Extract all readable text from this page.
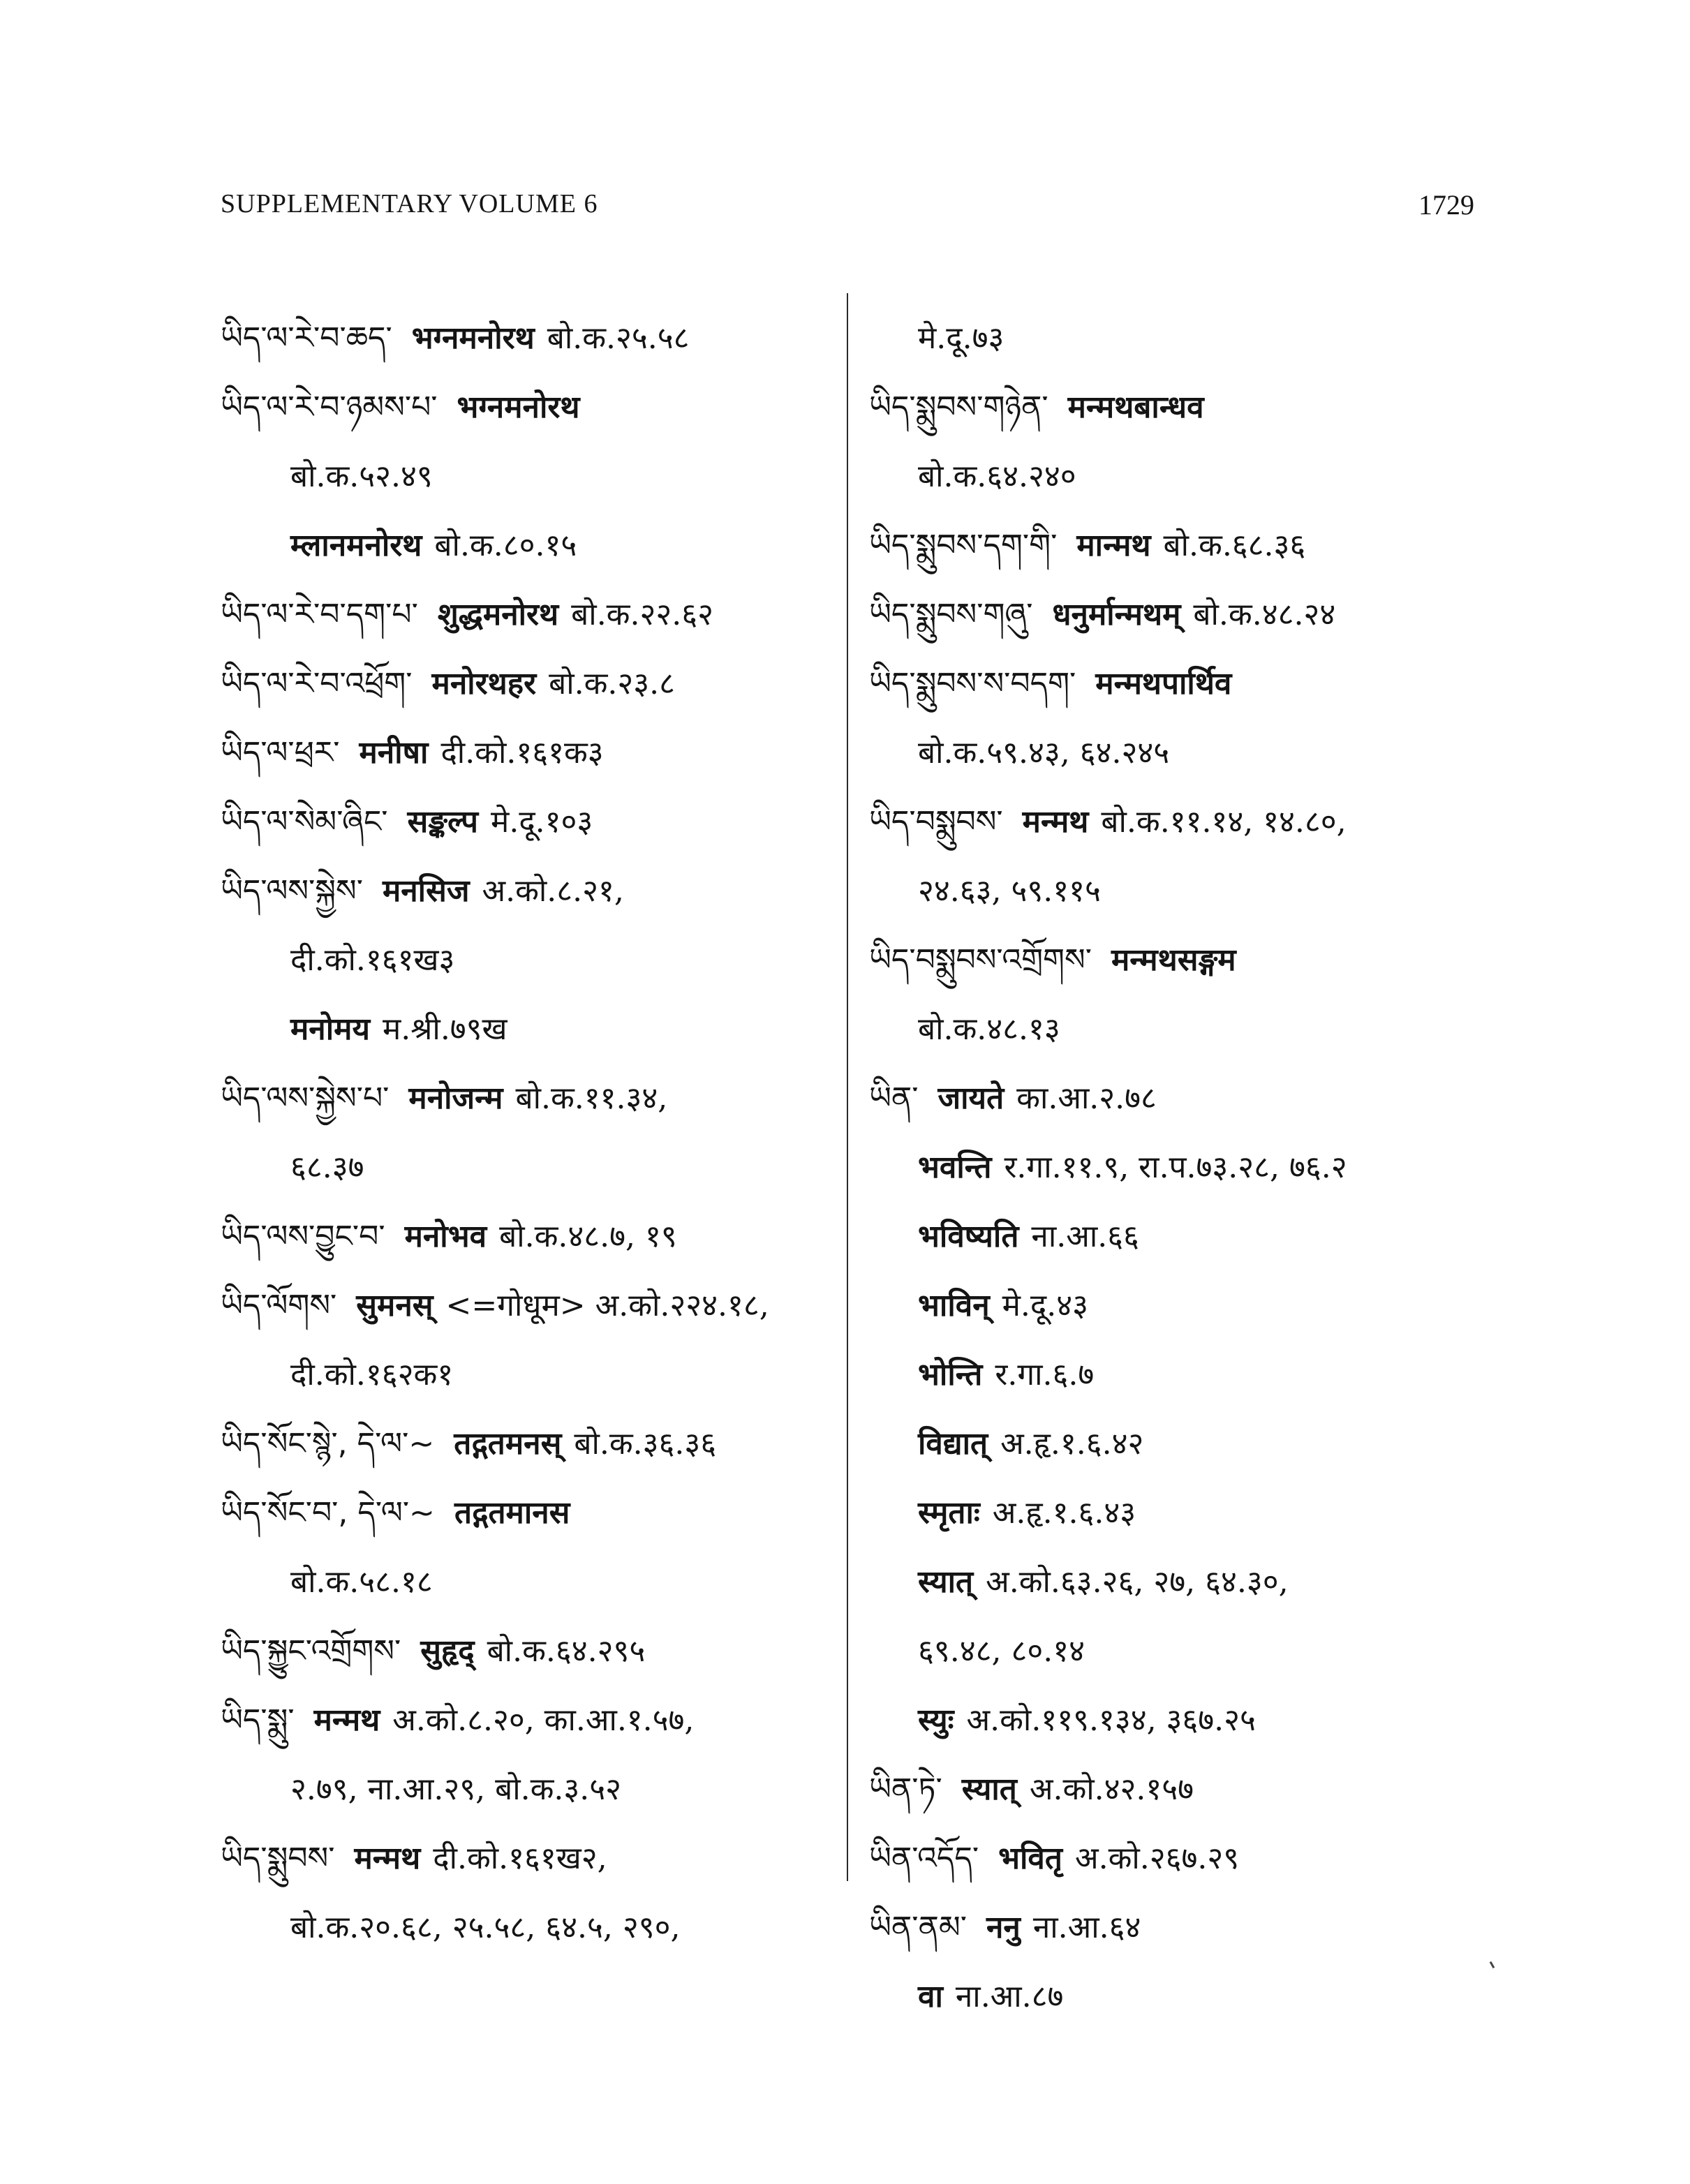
SUPPLEMENTARY VOLUME 6	1729
ཡིད་ལ་རེ་བ་ཆད་ भग्नमनोरथ बो.क.२५.५८
ཡིད་ལ་རེ་བ་ཉམས་པ་ भग्नमनोरथ
बो.क.५२.४९
म्लानमनोरथ बो.क.८०.१५
ཡིད་ལ་རེ་བ་དག་པ་ शुद्धमनोरथ बो.क.२२.६२
ཡིད་ལ་རེ་བ་འཕྲོག་ मनोरथहर बो.क.२३.८
ཡིད་ལ་ཕྲར་ मनीषा दी.को.१६१क३
ཡིད་ལ་སེམ་ཞིང་ सङ्कल्प मे.दू.१०३
ཡིད་ལས་སྐྱེས་ मनसिज अ.को.८.२१,
दी.को.१६१ख३
मनोमय म.श्री.७९ख
ཡིད་ལས་སྐྱེས་པ་ मनोजन्म बो.क.११.३४,
६८.३७
ཡིད་ལས་བྱུང་བ་ मनोभव बो.क.४८.७, १९
ཡིད་ལོགས་ सुमनस् <=गोधूम> अ.को.२२४.१८,
दी.को.१६२क१
ཡིད་སོང་སྙེ་, དེ་ལ་~ तद्गतमनस् बो.क.३६.३६
ཡིད་སོང་བ་, དེ་ལ་~ तद्गतमानस
बो.क.५८.१८
ཡིད་སྐྱུང་འགྲོགས་ सुहृद् बो.क.६४.२९५
ཡིད་སྨུ་ मन्मथ अ.को.८.२०, का.आ.१.५७,
२.७९, ना.आ.२९, बो.क.३.५२
ཡིད་སྨུབས་ मन्मथ दी.को.१६१ख२,
बो.क.२०.६८, २५.५८, ६४.५, २९०,
मे.दू.७३
ཡིད་སྨུབས་གཉེན་ मन्मथबान्धव
बो.क.६४.२४०
ཡིད་སྨུབས་དག་གི་ मान्मथ बो.क.६८.३६
ཡིད་སྨུབས་གཞུ་ धनुर्मान्मथम् बो.क.४८.२४
ཡིད་སྨུབས་ས་བདག་ मन्मथपार्थिव
बो.क.५९.४३, ६४.२४५
ཡིད་བསྨུབས་ मन्मथ बो.क.११.१४, १४.८०,
२४.६३, ५९.११५
ཡིད་བསྨུབས་འགྲོགས་ मन्मथसङ्गम
बो.क.४८.१३
ཡིན་ जायते का.आ.२.७८
भवन्ति र.गा.११.९, रा.प.७३.२८, ७६.२
भविष्यति ना.आ.६६
भाविन् मे.दू.४३
भोन्ति र.गा.६.७
विद्यात् अ.हृ.१.६.४२
स्मृताः अ.हृ.१.६.४३
स्यात् अ.को.६३.२६, २७, ६४.३०,
६९.४८, ८०.१४
स्युः अ.को.११९.१३४, ३६७.२५
ཡིན་ཏེ་ स्यात् अ.को.४२.१५७
ཡིན་འདོད་ भवितृ अ.को.२६७.२९
ཡིན་ནམ་ ननु ना.आ.६४
वा ना.आ.८७
